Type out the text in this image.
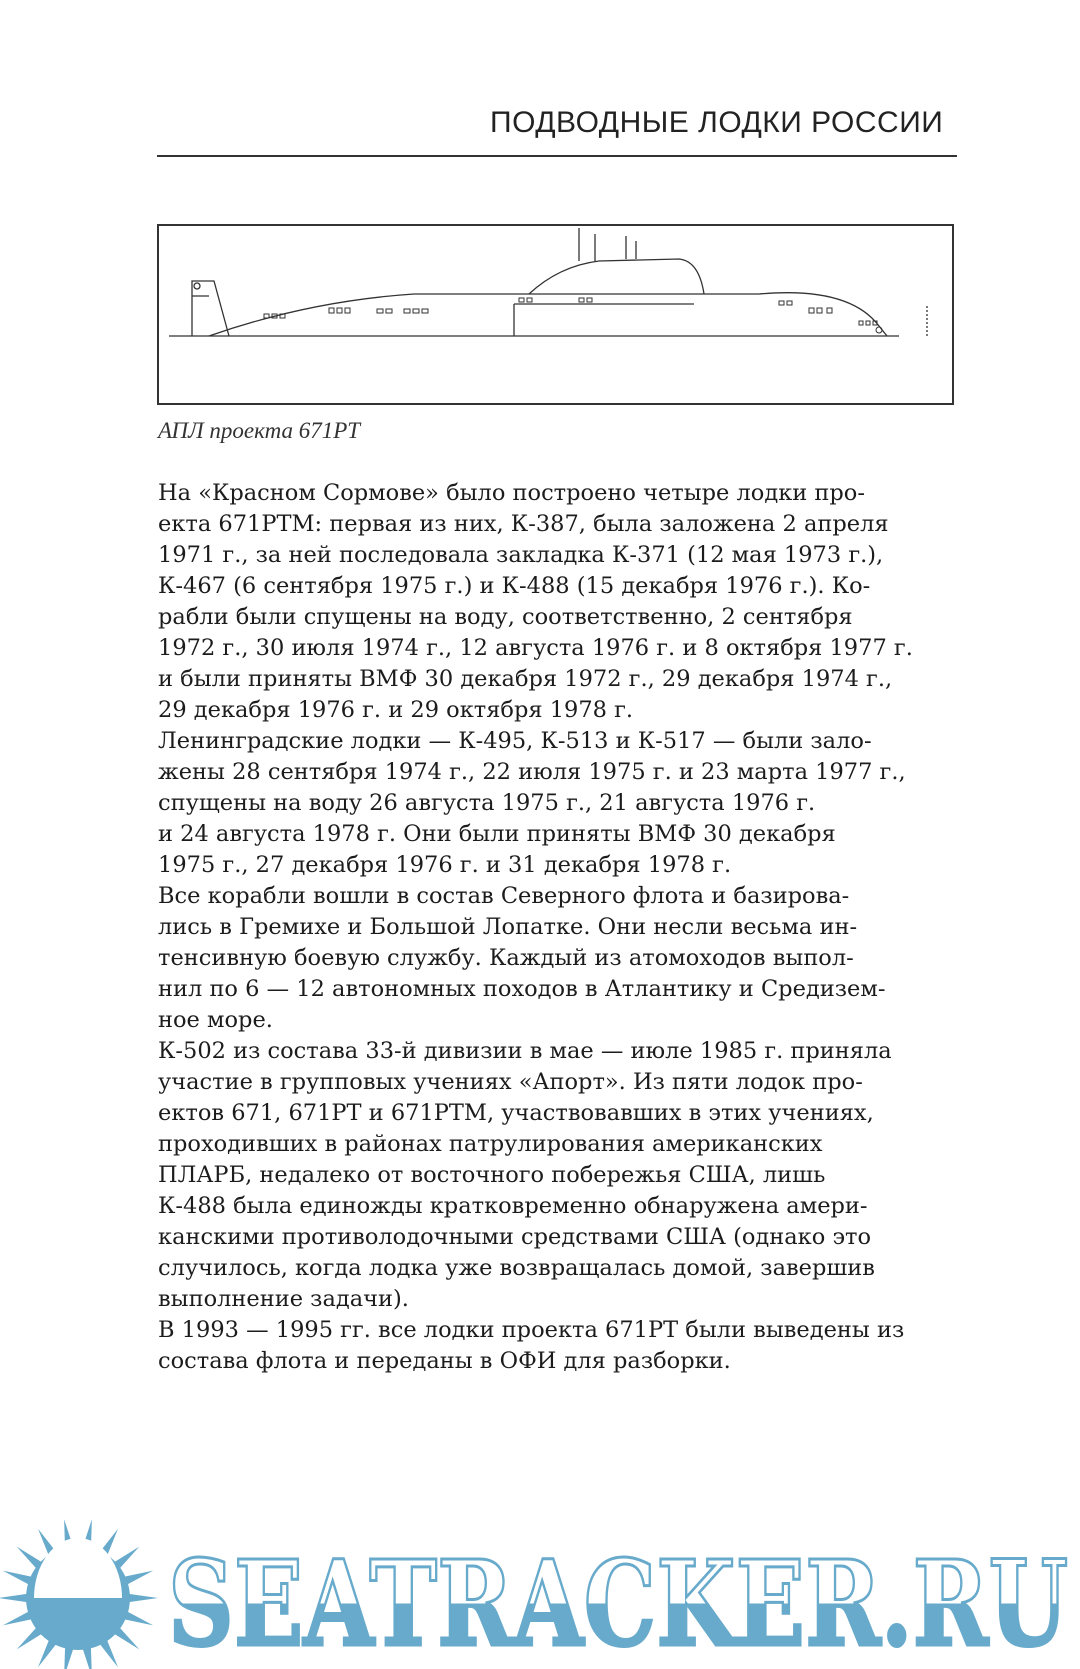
ПОДВОДНЫЕ ЛОДКИ РОССИИ
АПЛ проекта 671РТ
На «Красном Сормове» было построено четыре лодки про-
екта 671РТМ: первая из них, К-387, была заложена 2 апреля
1971 г., за ней последовала закладка К-371 (12 мая 1973 г.),
К-467 (6 сентября 1975 г.) и К-488 (15 декабря 1976 г.). Ко-
рабли были спущены на воду, соответственно, 2 сентября
1972 г., 30 июля 1974 г., 12 августа 1976 г. и 8 октября 1977 г.
и были приняты ВМФ 30 декабря 1972 г., 29 декабря 1974 г.,
29 декабря 1976 г. и 29 октября 1978 г.
Ленинградские лодки — К-495, К-513 и К-517 — были зало-
жены 28 сентября 1974 г., 22 июля 1975 г. и 23 марта 1977 г.,
спущены на воду 26 августа 1975 г., 21 августа 1976 г.
и 24 августа 1978 г. Они были приняты ВМФ 30 декабря
1975 г., 27 декабря 1976 г. и 31 декабря 1978 г.
Все корабли вошли в состав Северного флота и базирова-
лись в Гремихе и Большой Лопатке. Они несли весьма ин-
тенсивную боевую службу. Каждый из атомоходов выпол-
нил по 6 — 12 автономных походов в Атлантику и Средизем-
ное море.
К-502 из состава 33-й дивизии в мае — июле 1985 г. приняла
участие в групповых учениях «Апорт». Из пяти лодок про-
ектов 671, 671РТ и 671РТМ, участвовавших в этих учениях,
проходивших в районах патрулирования американских
ПЛАРБ, недалеко от восточного побережья США, лишь
К-488 была единожды кратковременно обнаружена амери-
канскими противолодочными средствами США (однако это
случилось, когда лодка уже возвращалась домой, завершив
выполнение задачи).
В 1993 — 1995 гг. все лодки проекта 671РТ были выведены из
состава флота и переданы в ОФИ для разборки.
SEATRACKER.RU
